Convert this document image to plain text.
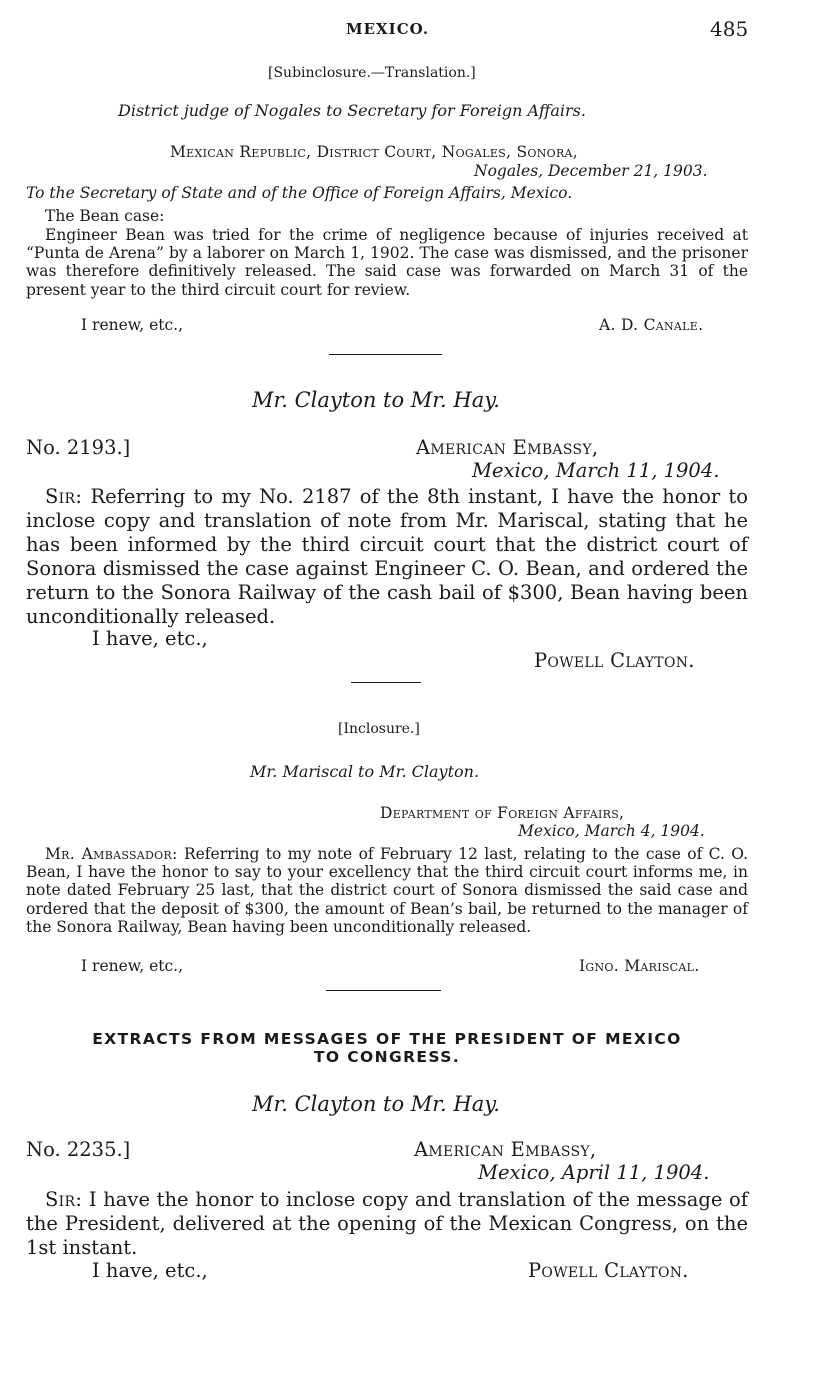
MEXICO.	485
[Subinclosure.—Translation.]
District judge of Nogales to Secretary for Foreign Affairs.
Mexican Republic, District Court, Nogales, Sonora,
Nogales, December 21, 1903.
To the Secretary of State and of the Office of Foreign Affairs, Mexico.
The Bean case:
Engineer Bean was tried for the crime of negligence because of injuries received at “Punta de Arena” by a laborer on March 1, 1902. The case was dismissed, and the prisoner was therefore definitively released. The said case was forwarded on March 31 of the present year to the third circuit court for review.
I renew, etc.,	A. D. Canale.
Mr. Clayton to Mr. Hay.
No. 2193.]	American Embassy,
Mexico, March 11, 1904.
Sir: Referring to my No. 2187 of the 8th instant, I have the honor to inclose copy and translation of note from Mr. Mariscal, stating that he has been informed by the third circuit court that the district court of Sonora dismissed the case against Engineer C. O. Bean, and ordered the return to the Sonora Railway of the cash bail of $300, Bean having been unconditionally released.
I have, etc.,
Powell Clayton.
[Inclosure.]
Mr. Mariscal to Mr. Clayton.
Department of Foreign Affairs,
Mexico, March 4, 1904.
Mr. Ambassador: Referring to my note of February 12 last, relating to the case of C. O. Bean, I have the honor to say to your excellency that the third circuit court informs me, in note dated February 25 last, that the district court of Sonora dismissed the said case and ordered that the deposit of $300, the amount of Bean’s bail, be returned to the manager of the Sonora Railway, Bean having been unconditionally released.
I renew, etc.,	Igno. Mariscal.
EXTRACTS FROM MESSAGES OF THE PRESIDENT OF MEXICO
TO CONGRESS.
Mr. Clayton to Mr. Hay.
No. 2235.]	American Embassy,
Mexico, April 11, 1904.
Sir: I have the honor to inclose copy and translation of the message of the President, delivered at the opening of the Mexican Congress, on the 1st instant.
I have, etc.,	Powell Clayton.
